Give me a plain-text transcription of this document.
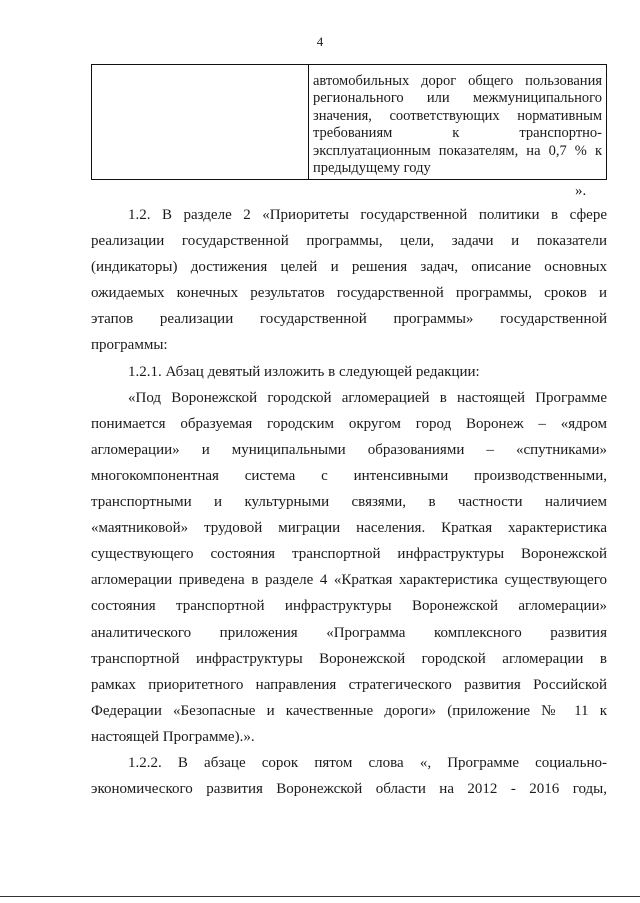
4
автомобильных дорог общего пользования
регионального или межмуниципального
значения, соответствующих нормативным
требованиям к транспортно-
эксплуатационным показателям, на 0,7 % к
предыдущему году
».
1.2. В разделе 2 «Приоритеты государственной политики в сфере
реализации государственной программы, цели, задачи и показатели
(индикаторы) достижения целей и решения задач, описание основных
ожидаемых конечных результатов государственной программы, сроков и
этапов реализации государственной программы» государственной
программы:
1.2.1. Абзац девятый изложить в следующей редакции:
«Под Воронежской городской агломерацией в настоящей Программе
понимается образуемая городским округом город Воронеж – «ядром
агломерации» и муниципальными образованиями – «спутниками»
многокомпонентная система с интенсивными производственными,
транспортными и культурными связями, в частности наличием
«маятниковой» трудовой миграции населения. Краткая характеристика
существующего состояния транспортной инфраструктуры Воронежской
агломерации приведена в разделе 4 «Краткая характеристика существующего
состояния транспортной инфраструктуры Воронежской агломерации»
аналитического приложения «Программа комплексного развития
транспортной инфраструктуры Воронежской городской агломерации в
рамках приоритетного направления стратегического развития Российской
Федерации «Безопасные и качественные дороги» (приложение № 11 к
настоящей Программе).».
1.2.2. В абзаце сорок пятом слова «, Программе социально-
экономического развития Воронежской области на 2012 - 2016 годы,
